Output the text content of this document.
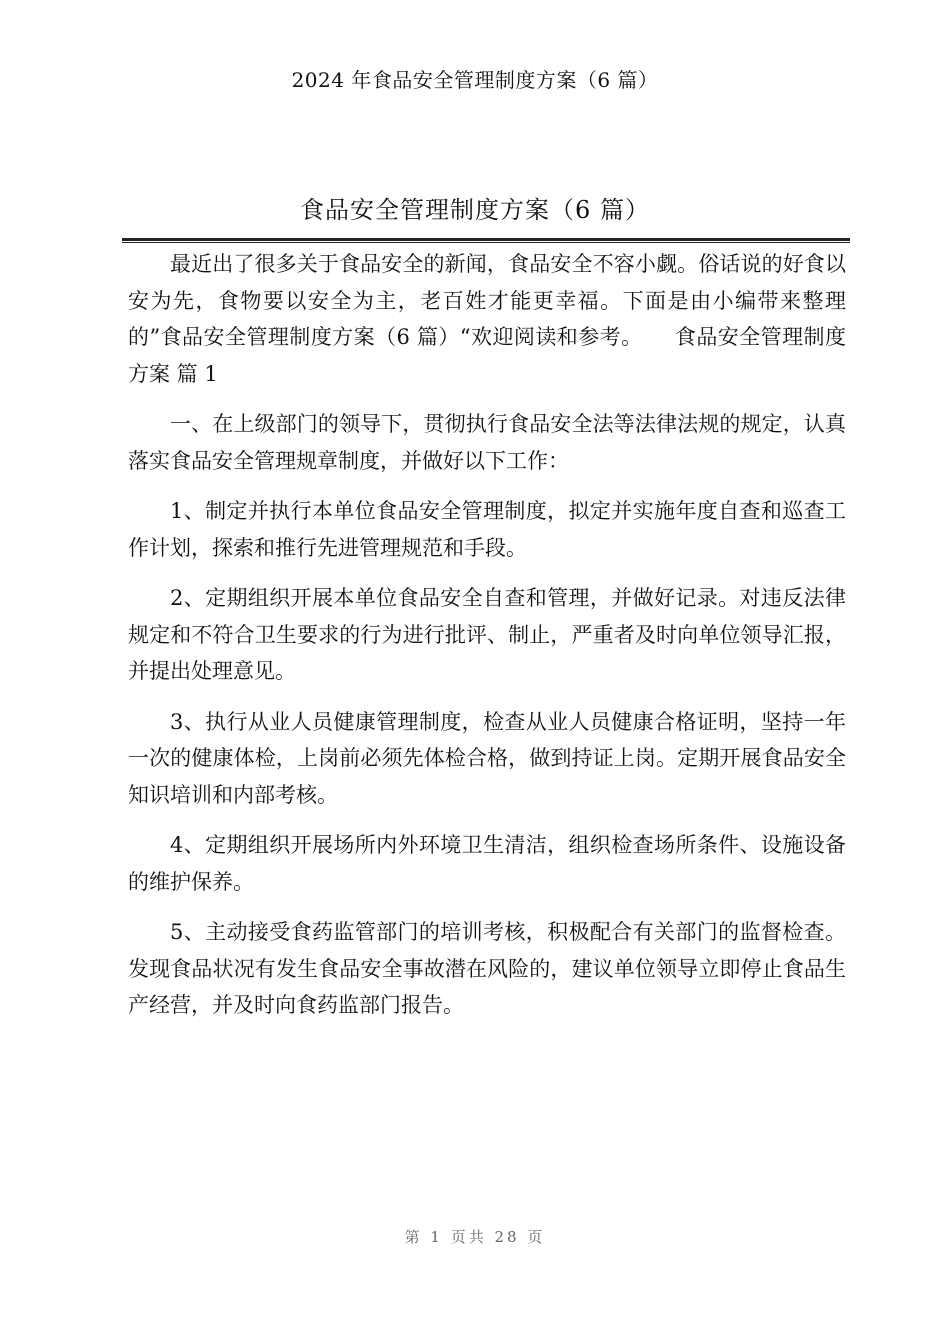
2024 年食品安全管理制度方案（6 篇）
食品安全管理制度方案（6 篇）

最近出了很多关于食品安全的新闻，食品安全不容小觑。俗话说的好食以安为先，食物要以安全为主，老百姓才能更幸福。下面是由小编带来整理的”食品安全管理制度方案（6 篇）“欢迎阅读和参考。　　食品安全管理制度方案 篇 1

一、在上级部门的领导下，贯彻执行食品安全法等法律法规的规定，认真落实食品安全管理规章制度，并做好以下工作：

1、制定并执行本单位食品安全管理制度，拟定并实施年度自查和巡查工作计划，探索和推行先进管理规范和手段。

2、定期组织开展本单位食品安全自查和管理，并做好记录。对违反法律规定和不符合卫生要求的行为进行批评、制止，严重者及时向单位领导汇报，并提出处理意见。

3、执行从业人员健康管理制度，检查从业人员健康合格证明，坚持一年一次的健康体检，上岗前必须先体检合格，做到持证上岗。定期开展食品安全知识培训和内部考核。

4、定期组织开展场所内外环境卫生清洁，组织检查场所条件、设施设备的维护保养。

5、主动接受食药监管部门的培训考核，积极配合有关部门的监督检查。发现食品状况有发生食品安全事故潜在风险的，建议单位领导立即停止食品生产经营，并及时向食药监部门报告。

第 1 页共 28 页
